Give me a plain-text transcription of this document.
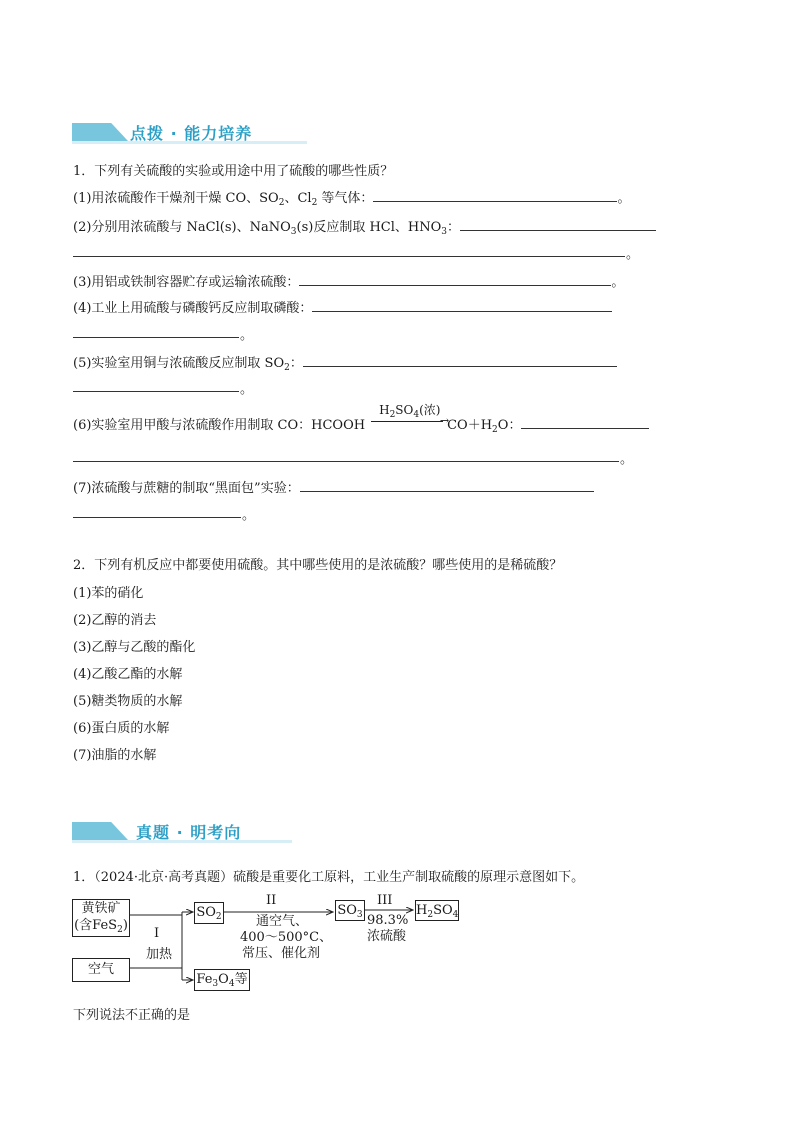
点拨 · 能力培养
1．下列有关硫酸的实验或用途中用了硫酸的哪些性质？
(1)用浓硫酸作干燥剂干燥 CO、$SO_2$、$Cl_2$ 等气体：	。
(2)分别用浓硫酸与 NaCl(s)、NaNO$_3$(s)反应制取 HCl、$HNO_3$：
。
(3)用铝或铁制容器贮存或运输浓硫酸：	。
(4)工业上用硫酸与磷酸钙反应制取磷酸：
。
(5)实验室用铜与浓硫酸反应制取 $SO_2$：
。
(6)实验室用甲酸与浓硫酸作用制取 CO：HCOOH
$H_2SO_4$(浓)
→
$CO+H_2O$：
。
(7)浓硫酸与蔗糖的制取“黑面包”实验：
。
2．下列有机反应中都要使用硫酸。其中哪些使用的是浓硫酸？哪些使用的是稀硫酸？
(1)苯的硝化
(2)乙醇的消去
(3)乙醇与乙酸的酯化
(4)乙酸乙酯的水解
(5)糖类物质的水解
(6)蛋白质的水解
(7)油脂的水解
真题 · 明考向
1．（2024·北京·高考真题）硫酸是重要化工原料，工业生产制取硫酸的原理示意图如下。
黄铁矿
(含FeS$_2$)
空气
I
加热
$SO_2$
$Fe_3O_4$等
II
通空气、
400～500°C、
常压、催化剂
$SO_3$
III
98.3%
浓硫酸
$H_2SO_4$
下列说法不正确的是
